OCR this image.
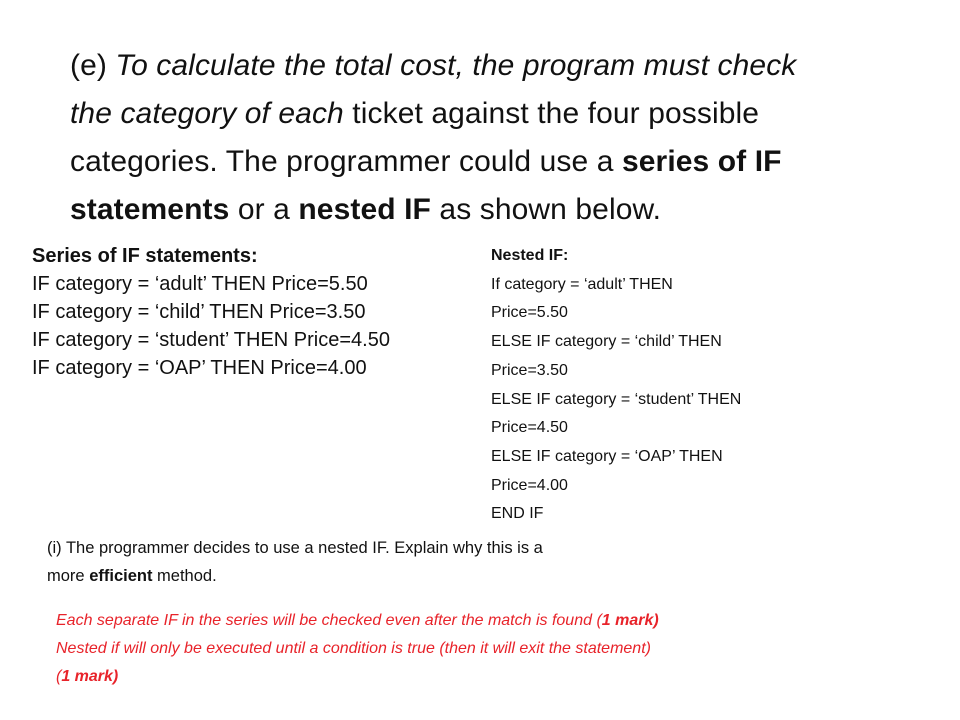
(e) To calculate the total cost, the program must check
the category of each ticket against the four possible
categories. The programmer could use a series of IF
statements or a nested IF as shown below.
Series of IF statements:
IF category = ‘adult’ THEN Price=5.50
IF category = ‘child’ THEN Price=3.50
IF category = ‘student’ THEN Price=4.50
IF category = ‘OAP’ THEN Price=4.00
Nested IF:
If category = ‘adult’ THEN
Price=5.50
ELSE IF category = ‘child’ THEN
Price=3.50
ELSE IF category = ‘student’ THEN
Price=4.50
ELSE IF category = ‘OAP’ THEN
Price=4.00
END IF
(i) The programmer decides to use a nested IF. Explain why this is a
more efficient method.
Each separate IF in the series will be checked even after the match is found (1 mark)
Nested if will only be executed until a condition is true (then it will exit the statement)
(1 mark)
